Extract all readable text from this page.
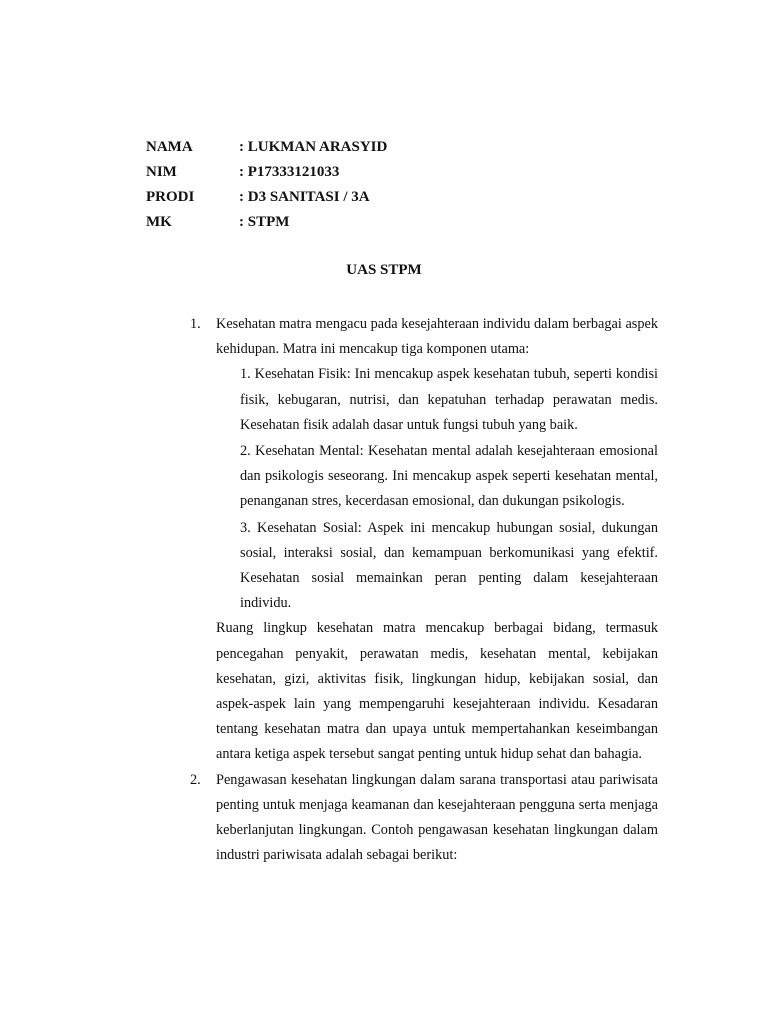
NAMA	: LUKMAN ARASYID
NIM	: P17333121033
PRODI	: D3 SANITASI / 3A
MK	: STPM
UAS STPM
1. Kesehatan matra mengacu pada kesejahteraan individu dalam berbagai aspek kehidupan. Matra ini mencakup tiga komponen utama:

1. Kesehatan Fisik: Ini mencakup aspek kesehatan tubuh, seperti kondisi fisik, kebugaran, nutrisi, dan kepatuhan terhadap perawatan medis. Kesehatan fisik adalah dasar untuk fungsi tubuh yang baik.

2. Kesehatan Mental: Kesehatan mental adalah kesejahteraan emosional dan psikologis seseorang. Ini mencakup aspek seperti kesehatan mental, penanganan stres, kecerdasan emosional, dan dukungan psikologis.

3. Kesehatan Sosial: Aspek ini mencakup hubungan sosial, dukungan sosial, interaksi sosial, dan kemampuan berkomunikasi yang efektif. Kesehatan sosial memainkan peran penting dalam kesejahteraan individu.

Ruang lingkup kesehatan matra mencakup berbagai bidang, termasuk pencegahan penyakit, perawatan medis, kesehatan mental, kebijakan kesehatan, gizi, aktivitas fisik, lingkungan hidup, kebijakan sosial, dan aspek-aspek lain yang mempengaruhi kesejahteraan individu. Kesadaran tentang kesehatan matra dan upaya untuk mempertahankan keseimbangan antara ketiga aspek tersebut sangat penting untuk hidup sehat dan bahagia.

2. Pengawasan kesehatan lingkungan dalam sarana transportasi atau pariwisata penting untuk menjaga keamanan dan kesejahteraan pengguna serta menjaga keberlanjutan lingkungan. Contoh pengawasan kesehatan lingkungan dalam industri pariwisata adalah sebagai berikut:
